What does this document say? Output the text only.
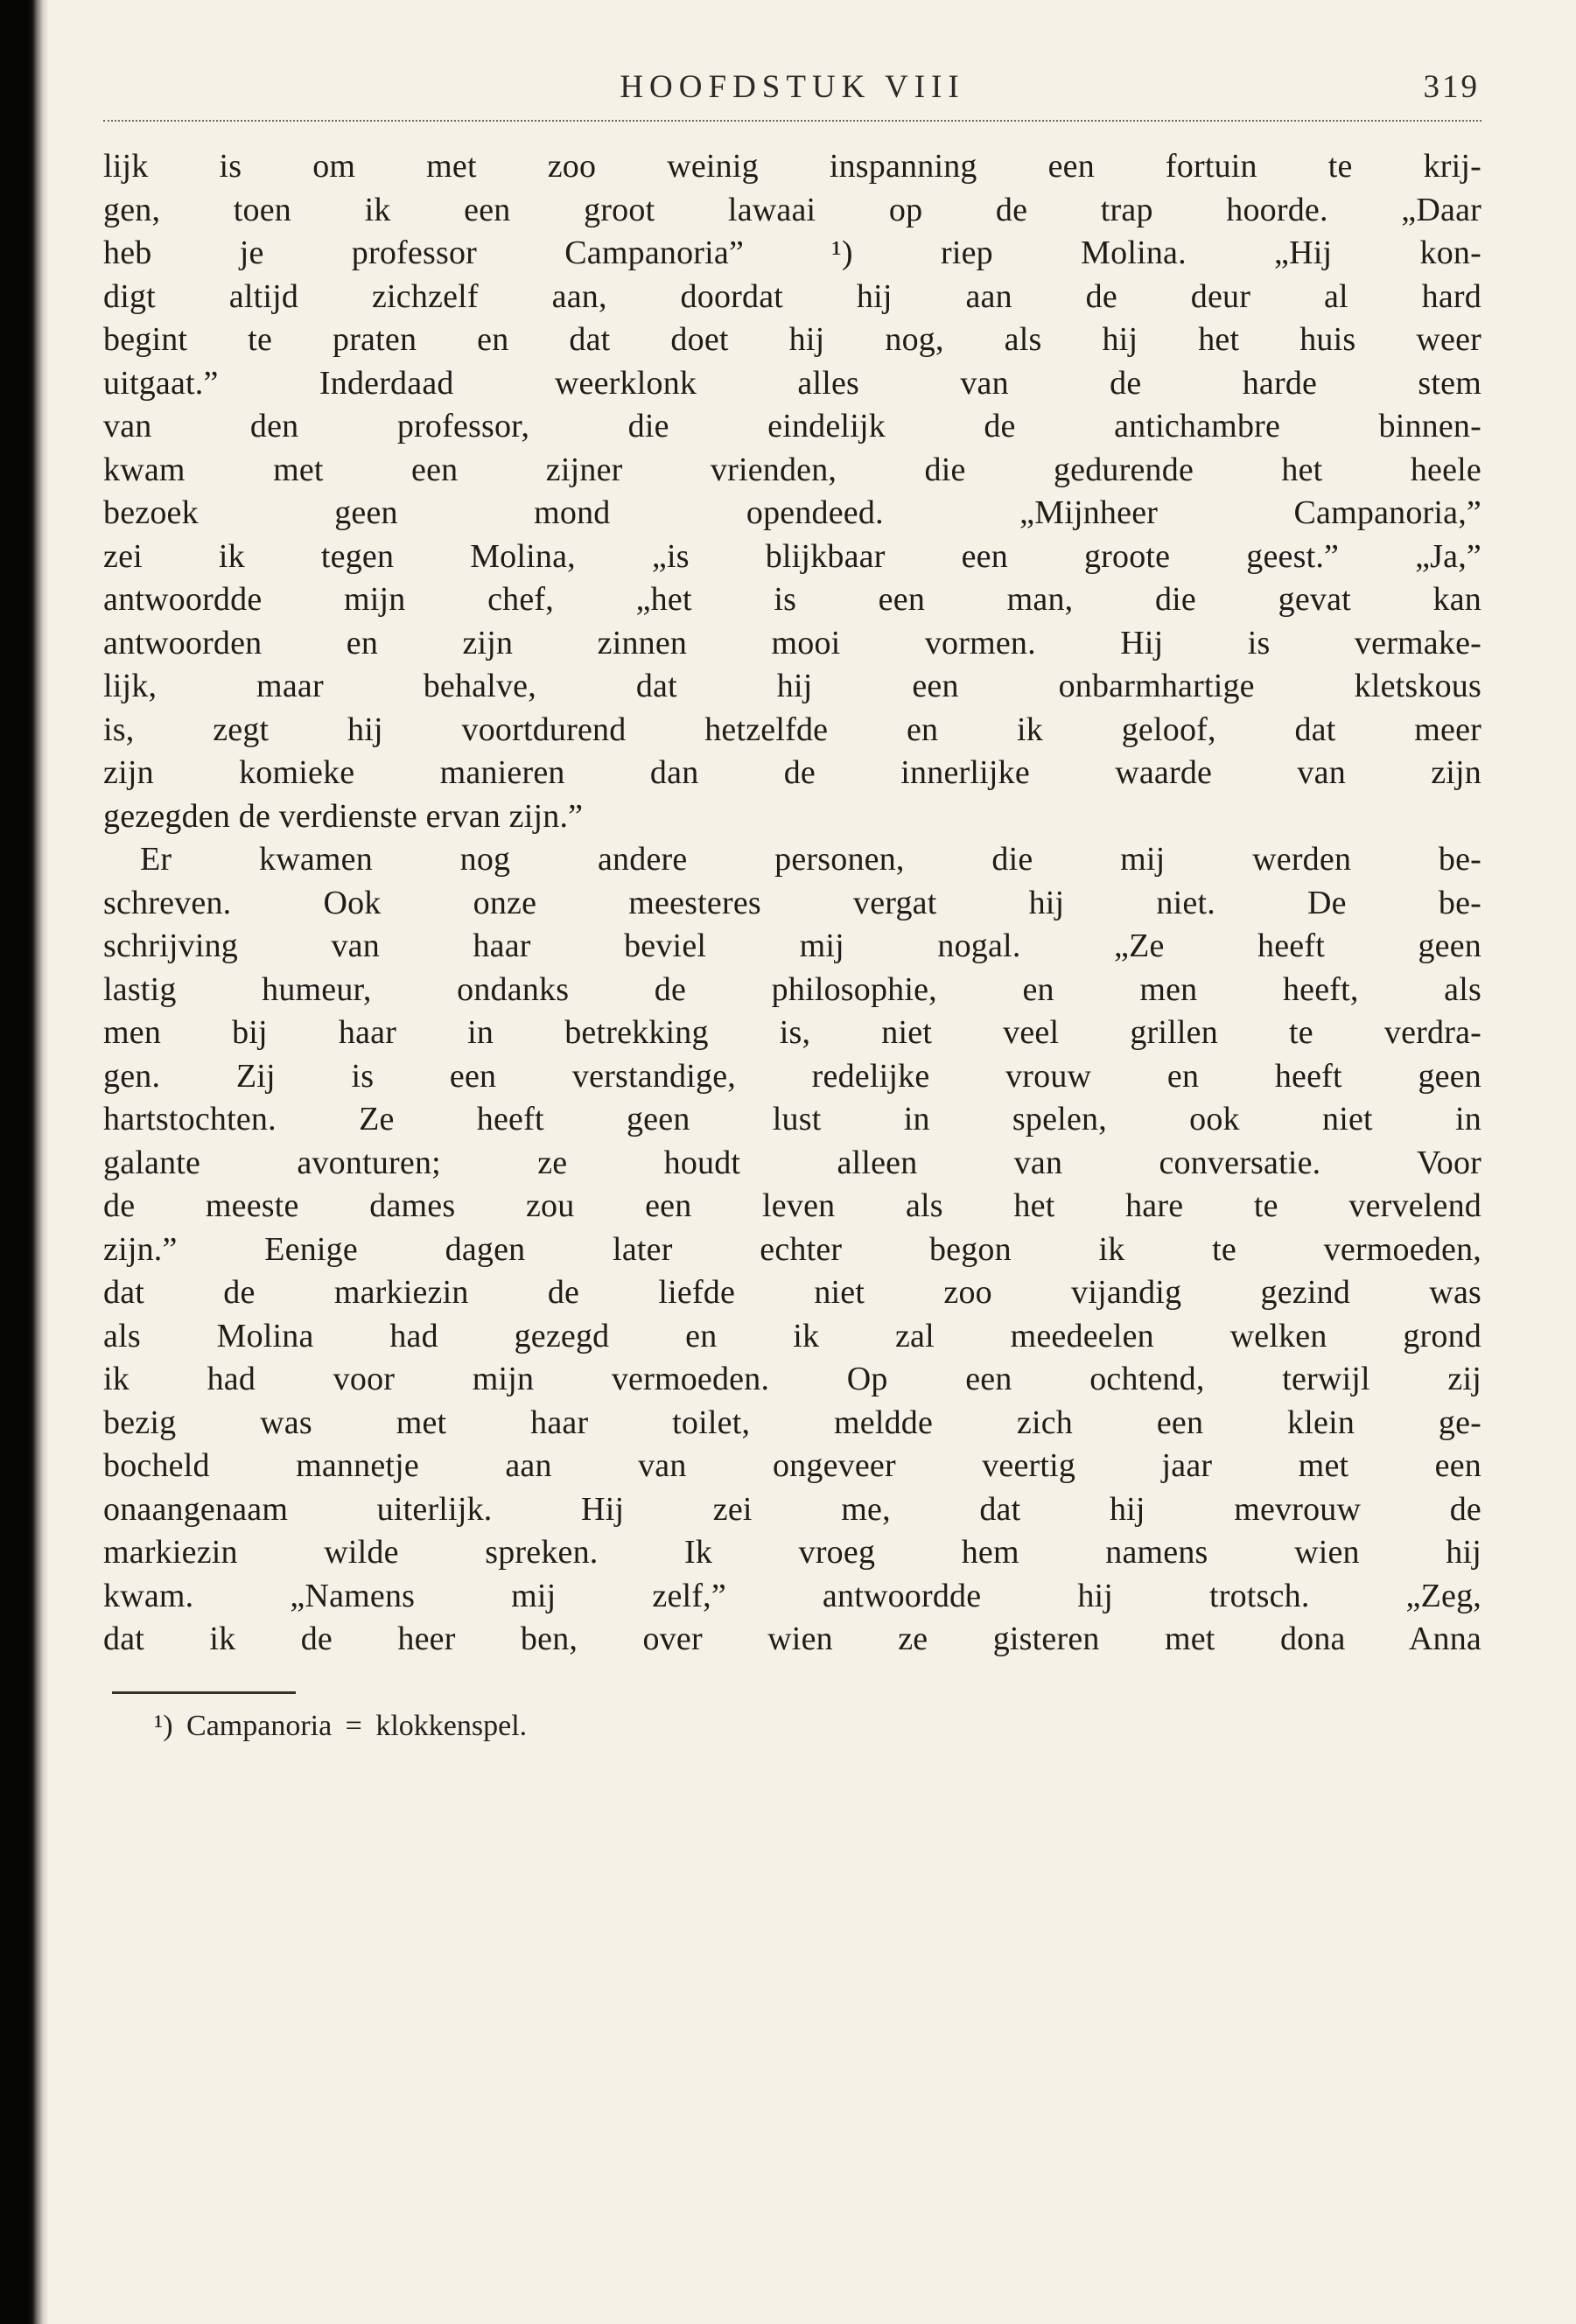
HOOFDSTUK VIII	319
lijk is om met zoo weinig inspanning een fortuin te krij-
gen, toen ik een groot lawaai op de trap hoorde. „Daar
heb je professor Campanoria” ¹) riep Molina. „Hij kon-
digt altijd zichzelf aan, doordat hij aan de deur al hard
begint te praten en dat doet hij nog, als hij het huis weer
uitgaat.” Inderdaad weerklonk alles van de harde stem
van den professor, die eindelijk de antichambre binnen-
kwam met een zijner vrienden, die gedurende het heele
bezoek geen mond opendeed. „Mijnheer Campanoria,”
zei ik tegen Molina, „is blijkbaar een groote geest.” „Ja,”
antwoordde mijn chef, „het is een man, die gevat kan
antwoorden en zijn zinnen mooi vormen. Hij is vermake-
lijk, maar behalve, dat hij een onbarmhartige kletskous
is, zegt hij voortdurend hetzelfde en ik geloof, dat meer
zijn komieke manieren dan de innerlijke waarde van zijn
gezegden de verdienste ervan zijn.”
Er kwamen nog andere personen, die mij werden be-
schreven. Ook onze meesteres vergat hij niet. De be-
schrijving van haar beviel mij nogal. „Ze heeft geen
lastig humeur, ondanks de philosophie, en men heeft, als
men bij haar in betrekking is, niet veel grillen te verdra-
gen. Zij is een verstandige, redelijke vrouw en heeft geen
hartstochten. Ze heeft geen lust in spelen, ook niet in
galante avonturen; ze houdt alleen van conversatie. Voor
de meeste dames zou een leven als het hare te vervelend
zijn.” Eenige dagen later echter begon ik te vermoeden,
dat de markiezin de liefde niet zoo vijandig gezind was
als Molina had gezegd en ik zal meedeelen welken grond
ik had voor mijn vermoeden. Op een ochtend, terwijl zij
bezig was met haar toilet, meldde zich een klein ge-
bocheld mannetje aan van ongeveer veertig jaar met een
onaangenaam uiterlijk. Hij zei me, dat hij mevrouw de
markiezin wilde spreken. Ik vroeg hem namens wien hij
kwam. „Namens mij zelf,” antwoordde hij trotsch. „Zeg,
dat ik de heer ben, over wien ze gisteren met dona Anna
¹) Campanoria = klokkenspel.
